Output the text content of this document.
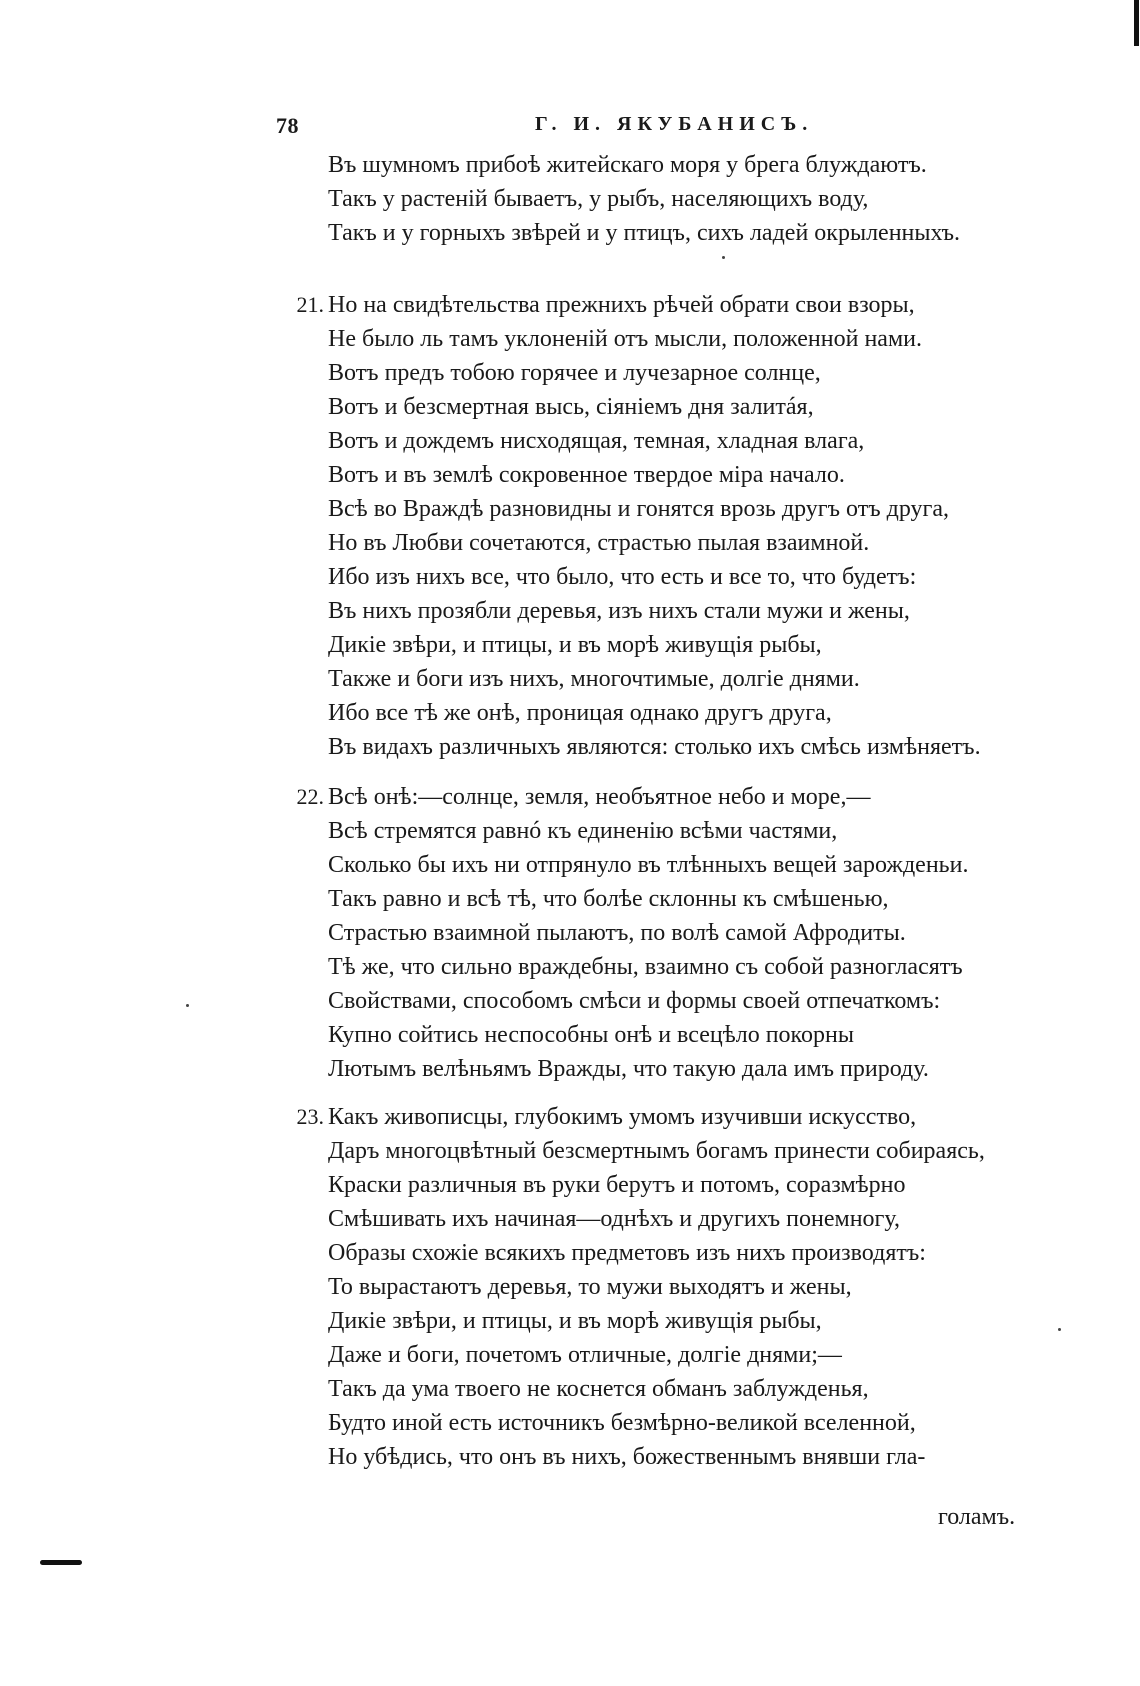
78	Г. И. ЯКУБАНИСЪ.
Въ шумномъ прибоѣ житейскаго моря у брега блуждаютъ.
Такъ у растеній бываетъ, у рыбъ, населяющихъ воду,
Такъ и у горныхъ звѣрей и у птицъ, сихъ ладей окрыленныхъ.
21. Но на свидѣтельства прежнихъ рѣчей обрати свои взоры,
Не было ль тамъ уклоненій отъ мысли, положенной нами.
Вотъ предъ тобою горячее и лучезарное солнце,
Вотъ и безсмертная высь, сіяніемъ дня залитáя,
Вотъ и дождемъ нисходящая, темная, хладная влага,
Вотъ и въ землѣ сокровенное твердое міра начало.
Всѣ во Враждѣ разновидны и гонятся врозь другъ отъ друга,
Но въ Любви сочетаются, страстью пылая взаимной.
Ибо изъ нихъ все, что было, что есть и все то, что будетъ:
Въ нихъ прозябли деревья, изъ нихъ стали мужи и жены,
Дикіе звѣри, и птицы, и въ морѣ живущія рыбы,
Также и боги изъ нихъ, многочтимые, долгіе днями.
Ибо все тѣ же онѣ, проницая однако другъ друга,
Въ видахъ различныхъ являются: столько ихъ смѣсь измѣняетъ.
22. Всѣ онѣ:—солнце, земля, необъятное небо и море,—
Всѣ стремятся равнó къ единенію всѣми частями,
Сколько бы ихъ ни отпрянуло въ тлѣнныхъ вещей зарожденьи.
Такъ равно и всѣ тѣ, что болѣе склонны къ смѣшенью,
Страстью взаимной пылаютъ, по волѣ самой Афродиты.
Тѣ же, что сильно враждебны, взаимно съ собой разногласятъ
Свойствами, способомъ смѣси и формы своей отпечаткомъ:
Купно сойтись неспособны онѣ и всецѣло покорны
Лютымъ велѣньямъ Вражды, что такую дала имъ природу.
23. Какъ живописцы, глубокимъ умомъ изучивши искусство,
Даръ многоцвѣтный безсмертнымъ богамъ принести собираясь,
Краски различныя въ руки берутъ и потомъ, соразмѣрно
Смѣшивать ихъ начиная—однѣхъ и другихъ понемногу,
Образы схожіе всякихъ предметовъ изъ нихъ производятъ:
То вырастаютъ деревья, то мужи выходятъ и жены,
Дикіе звѣри, и птицы, и въ морѣ живущія рыбы,
Даже и боги, почетомъ отличные, долгіе днями;—
Такъ да ума твоего не коснется обманъ заблужденья,
Будто иной есть источникъ безмѣрно-великой вселенной,
Но убѣдись, что онъ въ нихъ, божественнымъ внявши гла-
голамъ.
